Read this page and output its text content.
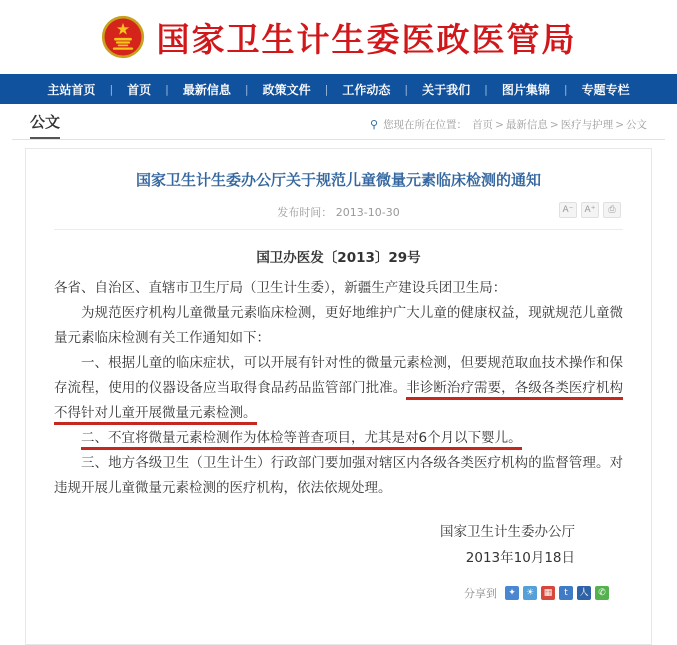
国家卫生计生委医政医管局
主站首页 | 首页 | 最新信息 | 政策文件 | 工作动态 | 关于我们 | 图片集锦 | 专题专栏
公文	⚲ 您现在所在位置： 首页 > 最新信息 > 医疗与护理 > 公文
国家卫生计生委办公厅关于规范儿童微量元素临床检测的通知
发布时间： 2013-10-30	A⁻	A⁺	⎙
国卫办医发〔2013〕29号

各省、自治区、直辖市卫生厅局（卫生计生委），新疆生产建设兵团卫生局：

为规范医疗机构儿童微量元素临床检测，更好地维护广大儿童的健康权益，现就规范儿童微量元素临床检测有关工作通知如下：

一、根据儿童的临床症状，可以开展有针对性的微量元素检测，但要规范取血技术操作和保存流程，使用的仪器设备应当取得食品药品监管部门批准。非诊断治疗需要，各级各类医疗机构不得针对儿童开展微量元素检测。

二、不宜将微量元素检测作为体检等普查项目，尤其是对6个月以下婴儿。

三、地方各级卫生（卫生计生）行政部门要加强对辖区内各级各类医疗机构的监督管理。对违规开展儿童微量元素检测的医疗机构，依法依规处理。

国家卫生计生委办公厅
2013年10月18日
分享到	✦	☀	▦	t	人	✆
